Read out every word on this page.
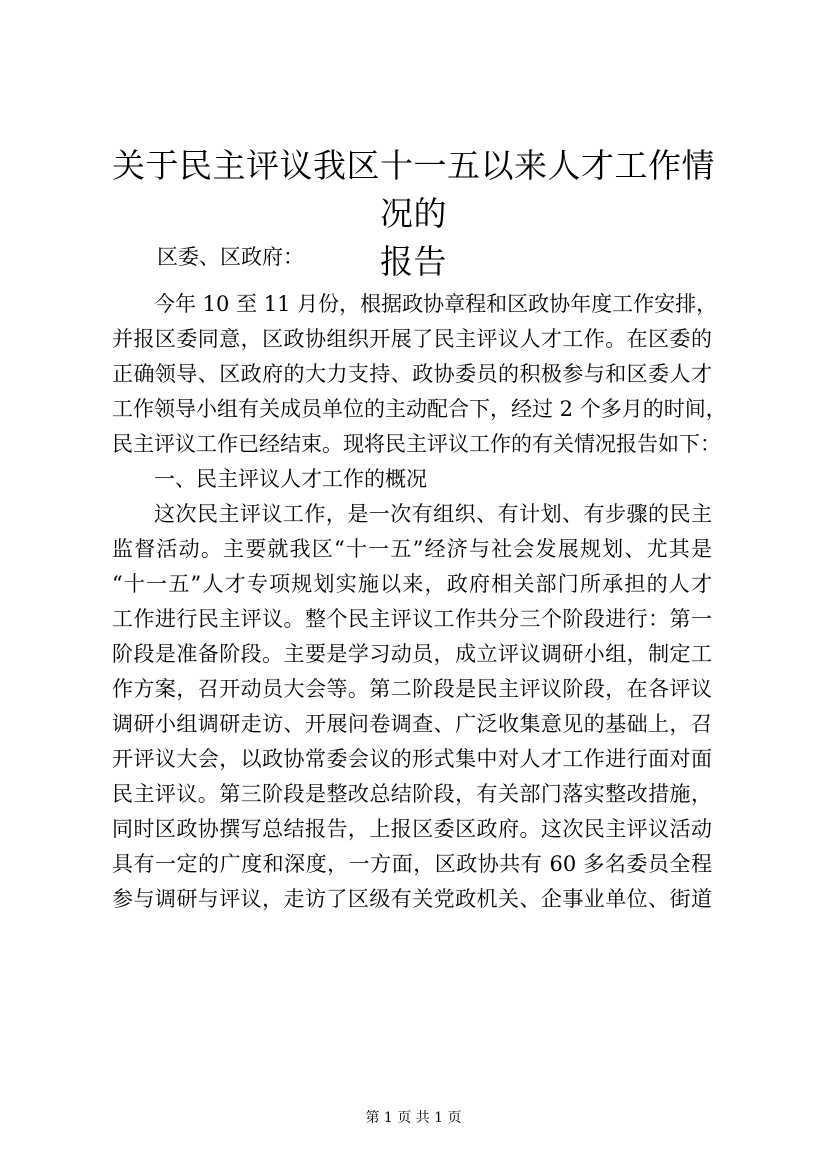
关于民主评议我区十一五以来人才工作情况的
报告
区委、区政府：
今年 10 至 11 月份，根据政协章程和区政协年度工作安排，
并报区委同意，区政协组织开展了民主评议人才工作。在区委的
正确领导、区政府的大力支持、政协委员的积极参与和区委人才
工作领导小组有关成员单位的主动配合下，经过 2 个多月的时间，
民主评议工作已经结束。现将民主评议工作的有关情况报告如下：
一、民主评议人才工作的概况
这次民主评议工作，是一次有组织、有计划、有步骤的民主
监督活动。主要就我区“十一五”经济与社会发展规划、尤其是
“十一五”人才专项规划实施以来，政府相关部门所承担的人才
工作进行民主评议。整个民主评议工作共分三个阶段进行：第一
阶段是准备阶段。主要是学习动员，成立评议调研小组，制定工
作方案，召开动员大会等。第二阶段是民主评议阶段，在各评议
调研小组调研走访、开展问卷调查、广泛收集意见的基础上，召
开评议大会，以政协常委会议的形式集中对人才工作进行面对面
民主评议。第三阶段是整改总结阶段，有关部门落实整改措施，
同时区政协撰写总结报告，上报区委区政府。这次民主评议活动
具有一定的广度和深度，一方面，区政协共有 60 多名委员全程
参与调研与评议，走访了区级有关党政机关、企事业单位、街道
第 1 页 共 1 页
